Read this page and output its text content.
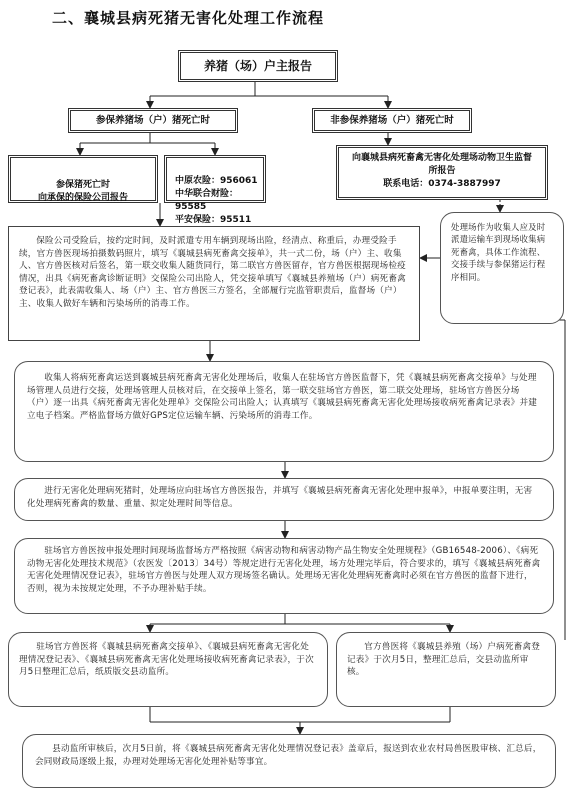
二、襄城县病死猪无害化处理工作流程
养猪（场）户主报告
参保养猪场（户）猪死亡时	非参保养猪场（户）猪死亡时

参保猪死亡时
向承保的保险公司报告

中原农险：956061
中华联合财险：95585
平安保险：95511

向襄城县病死畜禽无害化处理场动物卫生监督所报告
联系电话：0374-3887997
处理场作为收集人应及时派遣运输车到现场收集病死畜禽，具体工作流程、交接手续与参保猪运行程序相同。
保险公司受险后，按约定时间，及时派遣专用车辆到现场出险，经清点、称重后，办理受险手续，官方兽医现场拍摄数码照片，填写《襄城县病死畜禽交接单》，共一式二份，场（户）主、收集人、官方兽医核对后签名，第一联交收集人随货同行，第二联官方兽医留存，官方兽医根据现场检疫情况，出具《病死畜禽诊断证明》交保险公司出险人，凭交接单填写《襄城县养殖场（户）病死畜禽登记表》，此表需收集人、场（户）主、官方兽医三方签名，全部履行完监管职责后，监督场（户）主、收集人做好车辆和污染场所的消毒工作。
收集人将病死畜禽运送到襄城县病死畜禽无害化处理场后，收集人在驻场官方兽医监督下，凭《襄城县病死畜禽交接单》与处理场管理人员进行交接，处理场管理人员核对后，在交接单上签名，第一联交驻场官方兽医，第二联交处理场，驻场官方兽医分场（户）逐一出具《病死畜禽无害化处理单》交保险公司出险人；认真填写《襄城县病死畜禽无害化处理场接收病死畜禽记录表》并建立电子档案。严格监督场方做好GPS定位运输车辆、污染场所的消毒工作。
进行无害化处理病死猪时，处理场应向驻场官方兽医报告，并填写《襄城县病死畜禽无害化处理申报单》，申报单要注明，无害化处理病死畜禽的数量、重量、拟定处理时间等信息。
驻场官方兽医按申报处理时间现场监督场方严格按照《病害动物和病害动物产品生物安全处理规程》（GB16548-2006）、《病死动物无害化处理技术规范》（农医发〔2013〕34号）等规定进行无害化处理，场方处理完毕后，符合要求的，填写《襄城县病死畜禽无害化处理情况登记表》，驻场官方兽医与处理人双方现场签名确认。处理场无害化处理病死畜禽时必须在官方兽医的监督下进行，否则，视为未按规定处理，不予办理补贴手续。
驻场官方兽医将《襄城县病死畜禽交接单》、《襄城县病死畜禽无害化处理情况登记表》、《襄城县病死畜禽无害化处理场接收病死畜禽记录表》，于次月5日整理汇总后，纸质版交县动监所。
官方兽医将《襄城县养殖（场）户病死畜禽登记表》于次月5日，整理汇总后，交县动监所审核。
县动监所审核后，次月5日前，将《襄城县病死畜禽无害化处理情况登记表》盖章后，报送到农业农村局兽医股审核、汇总后，会同财政局逐级上报，办理对处理场无害化处理补贴等事宜。
